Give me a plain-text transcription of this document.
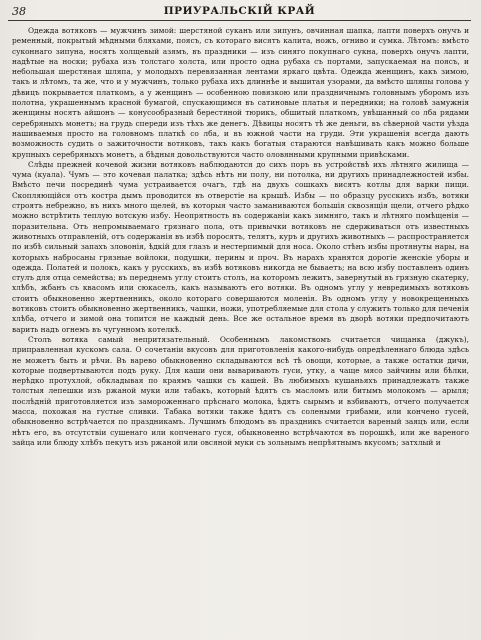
38	ПРИУРАЛЬСКІЙ КРАЙ

Одежда вотяковъ — мужчинъ зимой: шерстяной суканъ или зипунъ, овчинная шапка, лапти поверхъ онучъ и ременный, покрытый мѣдными бляхами, поясъ, съ котораго висятъ калита, ножъ, огниво и сумка. Лѣтомъ: вмѣсто суконнаго зипуна, носятъ холщевый азямъ, въ праздники — изъ синяго покупнаго сукна, поверхъ онучъ лапти, надѣтые на носки; рубаха изъ толстаго холста, или просто одна рубаха съ портами, запускаемая на поясъ, и небольшая шерстяная шляпа, у молодыхъ перевязанная лентами яркаго цвѣта. Одежда женщинъ, какъ зимою, такъ и лѣтомъ, та же, что и у мужчинъ, только рубаха ихъ длиннѣе и вышитая узорами, да вмѣсто шляпы голова у дѣвицъ покрывается платкомъ, а у женщинъ — особенною повязкою или праздничнымъ головнымъ уборомъ изъ полотна, украшеннымъ красной бумагой, спускающимся въ сатиновые платья и передники; на головѣ замужнія женщины носятъ айшонъ — конусообразный берестяной тюрикъ, обшитый платкомъ, увѣшанный со лба рядами серебряныхъ монетъ; на грудь спереди изъ тѣхъ же денегъ. Дѣвицы носятъ тѣ же деньги, въ сѣверной части уѣзда нашиваемыя просто на головномъ платкѣ со лба, и въ южной части на груди. Эти украшенія всегда даютъ возможность судить о зажиточности вотяковъ, такъ какъ богатыя стараются навѣшивать какъ можно больше крупныхъ серебряныхъ монетъ, а бѣдныя довольствуются часто оловянными крупными привѣсками.

Слѣды прежней кочевой жизни вотяковъ наблюдаются до сихъ поръ въ устройствѣ ихъ лѣтняго жилища — чума (куала). Чумъ — это кочевая палатка; здѣсь нѣтъ ни полу, ни потолка, ни другихъ принадлежностей избы. Вмѣсто печи посрединѣ чума устраивается очагъ, гдѣ на двухъ сошкахъ висятъ котлы для варки пищи. Скопляющійся отъ костра дымъ проводится въ отверстіе на крышѣ. Избы — по образцу русскихъ избъ, вотяки строятъ небрежно, въ нихъ много щелей, въ которыя часто заманиваются большія сквозящія щели, отчего рѣдко можно встрѣтить теплую вотскую избу. Неопрятность въ содержаніи какъ зимняго, такъ и лѣтняго помѣщенія — поразительна. Отъ непромываемаго грязнаго пола, отъ привычки вотяковъ не сдерживаться отъ известныхъ животныхъ отправленій, отъ содержанія въ избѣ поросятъ, телятъ, куръ и другихъ животныхъ — распространяется по избѣ сильный запахъ зловонія, ѣдкій для глазъ и нестерпимый для носа. Около стѣнъ избы протянуты нары, на которыхъ набросаны грязные войлоки, подушки, перины и проч. Въ нарахъ хранятся дорогіе женскіе уборы и одежда. Полатей и полокъ, какъ у русскихъ, въ избѣ вотяковъ никогда не бываетъ; на всю избу поставленъ одинъ стулъ для отца семейства; въ переднемъ углу стоитъ столъ, на которомъ лежитъ, завернутый въ грязную скатерку, хлѣбъ, жбанъ съ квасомъ или сюкаселъ, какъ называютъ его вотяки. Въ одномъ углу у невредимыхъ вотяковъ стоитъ обыкновенно жертвенникъ, около котораго совершаются моленія. Въ одномъ углу у новокрещенныхъ вотяковъ стоитъ обыкновенно жертвенникъ, чашки, ножи, употребляемые для стола у служитъ только для печенія хлѣба, отчего и зимой она топится не каждый день. Все же остальное время въ дворѣ вотяки предпочитаютъ варить надъ огнемъ въ чугунномъ котелкѣ.

Столъ вотяка самый непритязательный. Особеннымъ лакомствомъ считается чищанка (джукъ), приправленная кускомъ сала. О сочетаніи вкусовъ для приготовленія какого-нибудь опредѣленнаго блюда здѣсь не можетъ быть и рѣчи. Въ варево обыкновенно складываются всѣ тѣ овощи, которые, а также остатки дичи, которые подвертываются подъ руку. Для каши они вываривають гуси, утку, а чаще мясо зайчины или бѣлки, нерѣдко протухлой, обкладывая по краямъ чашки съ кашей. Въ любимыхъ кушаньяхъ принадлежатъ также толстыя лепешки изъ ржаной муки или табакъ, который ѣдятъ съ масломъ или битымъ молокомъ — арыля; послѣдній приготовляется изъ замороженнаго прѣснаго молока, ѣдятъ сырымъ и взбиваютъ, отчего получается масса, похожая на густые сливки. Табака вотяки также ѣдятъ съ солеными грибами, или кончено гусей, обыкновенно встрѣчается по праздникамъ. Лучшимъ блюдомъ въ праздникъ считается вареный заяцъ или, если нѣтъ его, въ отсутствіи сушенаго или копченаго гуся, обыкновенно встрѣчаются въ порошкѣ, или же вареного зайца или блюду хлѣбъ пекутъ изъ ржаной или овсяной муки съ зольнымъ непрѣятнымъ вкусомъ; затхлый и
